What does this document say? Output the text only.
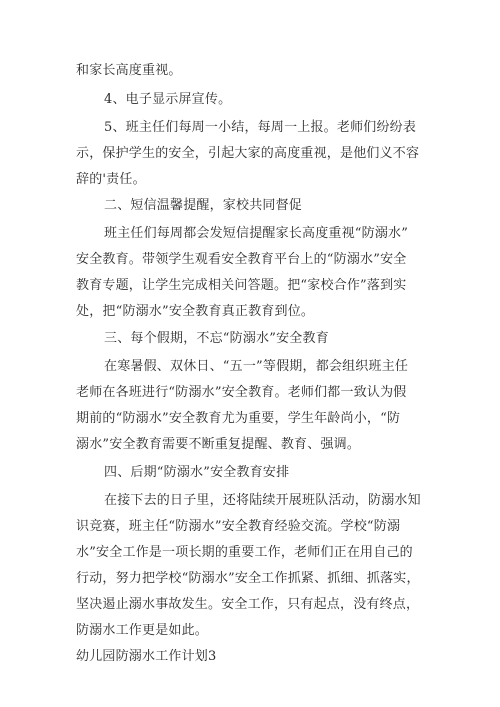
和家长高度重视。

4、电子显示屏宣传。

5、班主任们每周一小结，每周一上报。老师们纷纷表

示，保护学生的安全，引起大家的高度重视，是他们义不容

辞的'责任。

二、短信温馨提醒，家校共同督促

班主任们每周都会发短信提醒家长高度重视“防溺水”

安全教育。带领学生观看安全教育平台上的“防溺水”安全

教育专题，让学生完成相关问答题。把“家校合作”落到实

处，把“防溺水”安全教育真正教育到位。

三、每个假期，不忘“防溺水”安全教育

在寒暑假、双休日、“五一”等假期，都会组织班主任

老师在各班进行“防溺水”安全教育。老师们都一致认为假

期前的“防溺水”安全教育尤为重要，学生年龄尚小，“防

溺水”安全教育需要不断重复提醒、教育、强调。

四、后期“防溺水”安全教育安排

在接下去的日子里，还将陆续开展班队活动，防溺水知

识竞赛，班主任“防溺水”安全教育经验交流。学校“防溺

水”安全工作是一项长期的重要工作，老师们正在用自己的

行动，努力把学校“防溺水”安全工作抓紧、抓细、抓落实，

坚决遏止溺水事故发生。安全工作，只有起点，没有终点，

防溺水工作更是如此。

幼儿园防溺水工作计划3
